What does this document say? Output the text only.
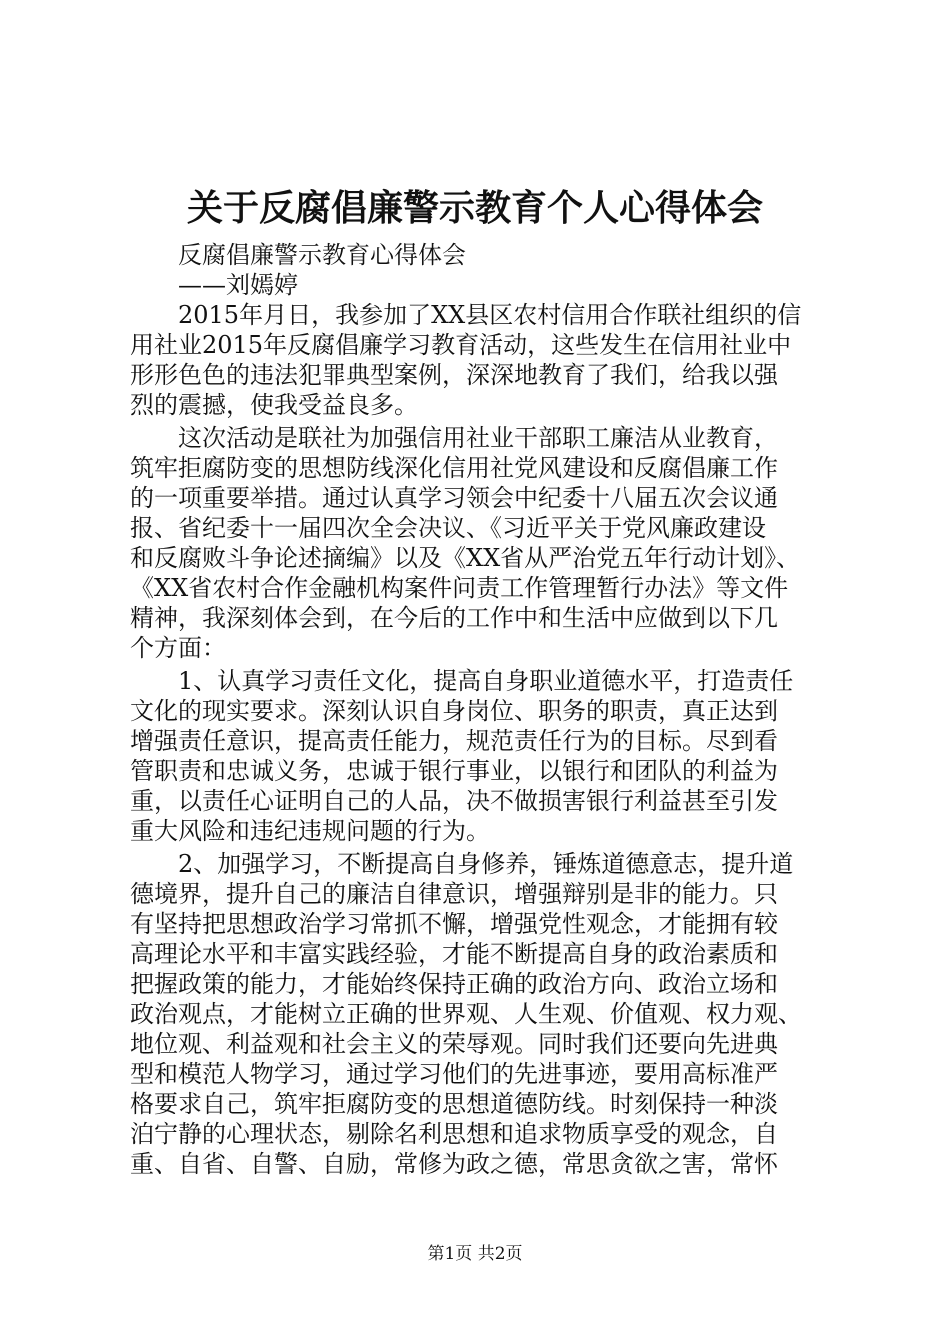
关于反腐倡廉警示教育个人心得体会
反腐倡廉警示教育心得体会
——刘嫣婷
　　2015年月日，我参加了XX县区农村信用合作联社组织的信
用社业2015年反腐倡廉学习教育活动，这些发生在信用社业中
形形色色的违法犯罪典型案例，深深地教育了我们，给我以强
烈的震撼，使我受益良多。
　　这次活动是联社为加强信用社业干部职工廉洁从业教育，
筑牢拒腐防变的思想防线深化信用社党风建设和反腐倡廉工作
的一项重要举措。通过认真学习领会中纪委十八届五次会议通
报、省纪委十一届四次全会决议、《习近平关于党风廉政建设
和反腐败斗争论述摘编》以及《XX省从严治党五年行动计划》、
《XX省农村合作金融机构案件问责工作管理暂行办法》等文件
精神，我深刻体会到，在今后的工作中和生活中应做到以下几
个方面：
　　1、认真学习责任文化，提高自身职业道德水平，打造责任
文化的现实要求。深刻认识自身岗位、职务的职责，真正达到
增强责任意识，提高责任能力，规范责任行为的目标。尽到看
管职责和忠诚义务，忠诚于银行事业，以银行和团队的利益为
重，以责任心证明自己的人品，决不做损害银行利益甚至引发
重大风险和违纪违规问题的行为。
　　2、加强学习，不断提高自身修养，锤炼道德意志，提升道
德境界，提升自己的廉洁自律意识，增强辩别是非的能力。只
有坚持把思想政治学习常抓不懈，增强党性观念，才能拥有较
高理论水平和丰富实践经验，才能不断提高自身的政治素质和
把握政策的能力，才能始终保持正确的政治方向、政治立场和
政治观点，才能树立正确的世界观、人生观、价值观、权力观、
地位观、利益观和社会主义的荣辱观。同时我们还要向先进典
型和模范人物学习，通过学习他们的先进事迹，要用高标准严
格要求自己，筑牢拒腐防变的思想道德防线。时刻保持一种淡
泊宁静的心理状态，剔除名利思想和追求物质享受的观念，自
重、自省、自警、自励，常修为政之德，常思贪欲之害，常怀
第1页 共2页
